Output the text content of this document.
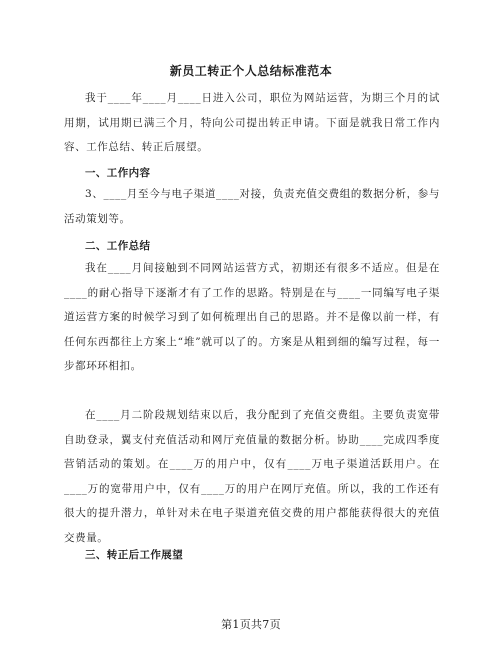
新员工转正个人总结标准范本

我于____年____月____日进入公司，职位为网站运营，为期三个月的试用期，试用期已满三个月，特向公司提出转正申请。下面是就我日常工作内容、工作总结、转正后展望。

一、工作内容

3、____月至今与电子渠道____对接，负责充值交费组的数据分析，参与活动策划等。

二、工作总结

我在____月间接触到不同网站运营方式，初期还有很多不适应。但是在____的耐心指导下逐渐才有了工作的思路。特别是在与____一同编写电子渠道运营方案的时候学习到了如何梳理出自己的思路。并不是像以前一样，有任何东西都往上方案上“堆”就可以了的。方案是从粗到细的编写过程，每一步都环环相扣。

在____月二阶段规划结束以后，我分配到了充值交费组。主要负责宽带自助登录，翼支付充值活动和网厅充值量的数据分析。协助____完成四季度营销活动的策划。在____万的用户中，仅有____万电子渠道活跃用户。在____万的宽带用户中，仅有____万的用户在网厅充值。所以，我的工作还有很大的提升潜力，单针对未在电子渠道充值交费的用户都能获得很大的充值交费量。

三、转正后工作展望
第1页共7页
